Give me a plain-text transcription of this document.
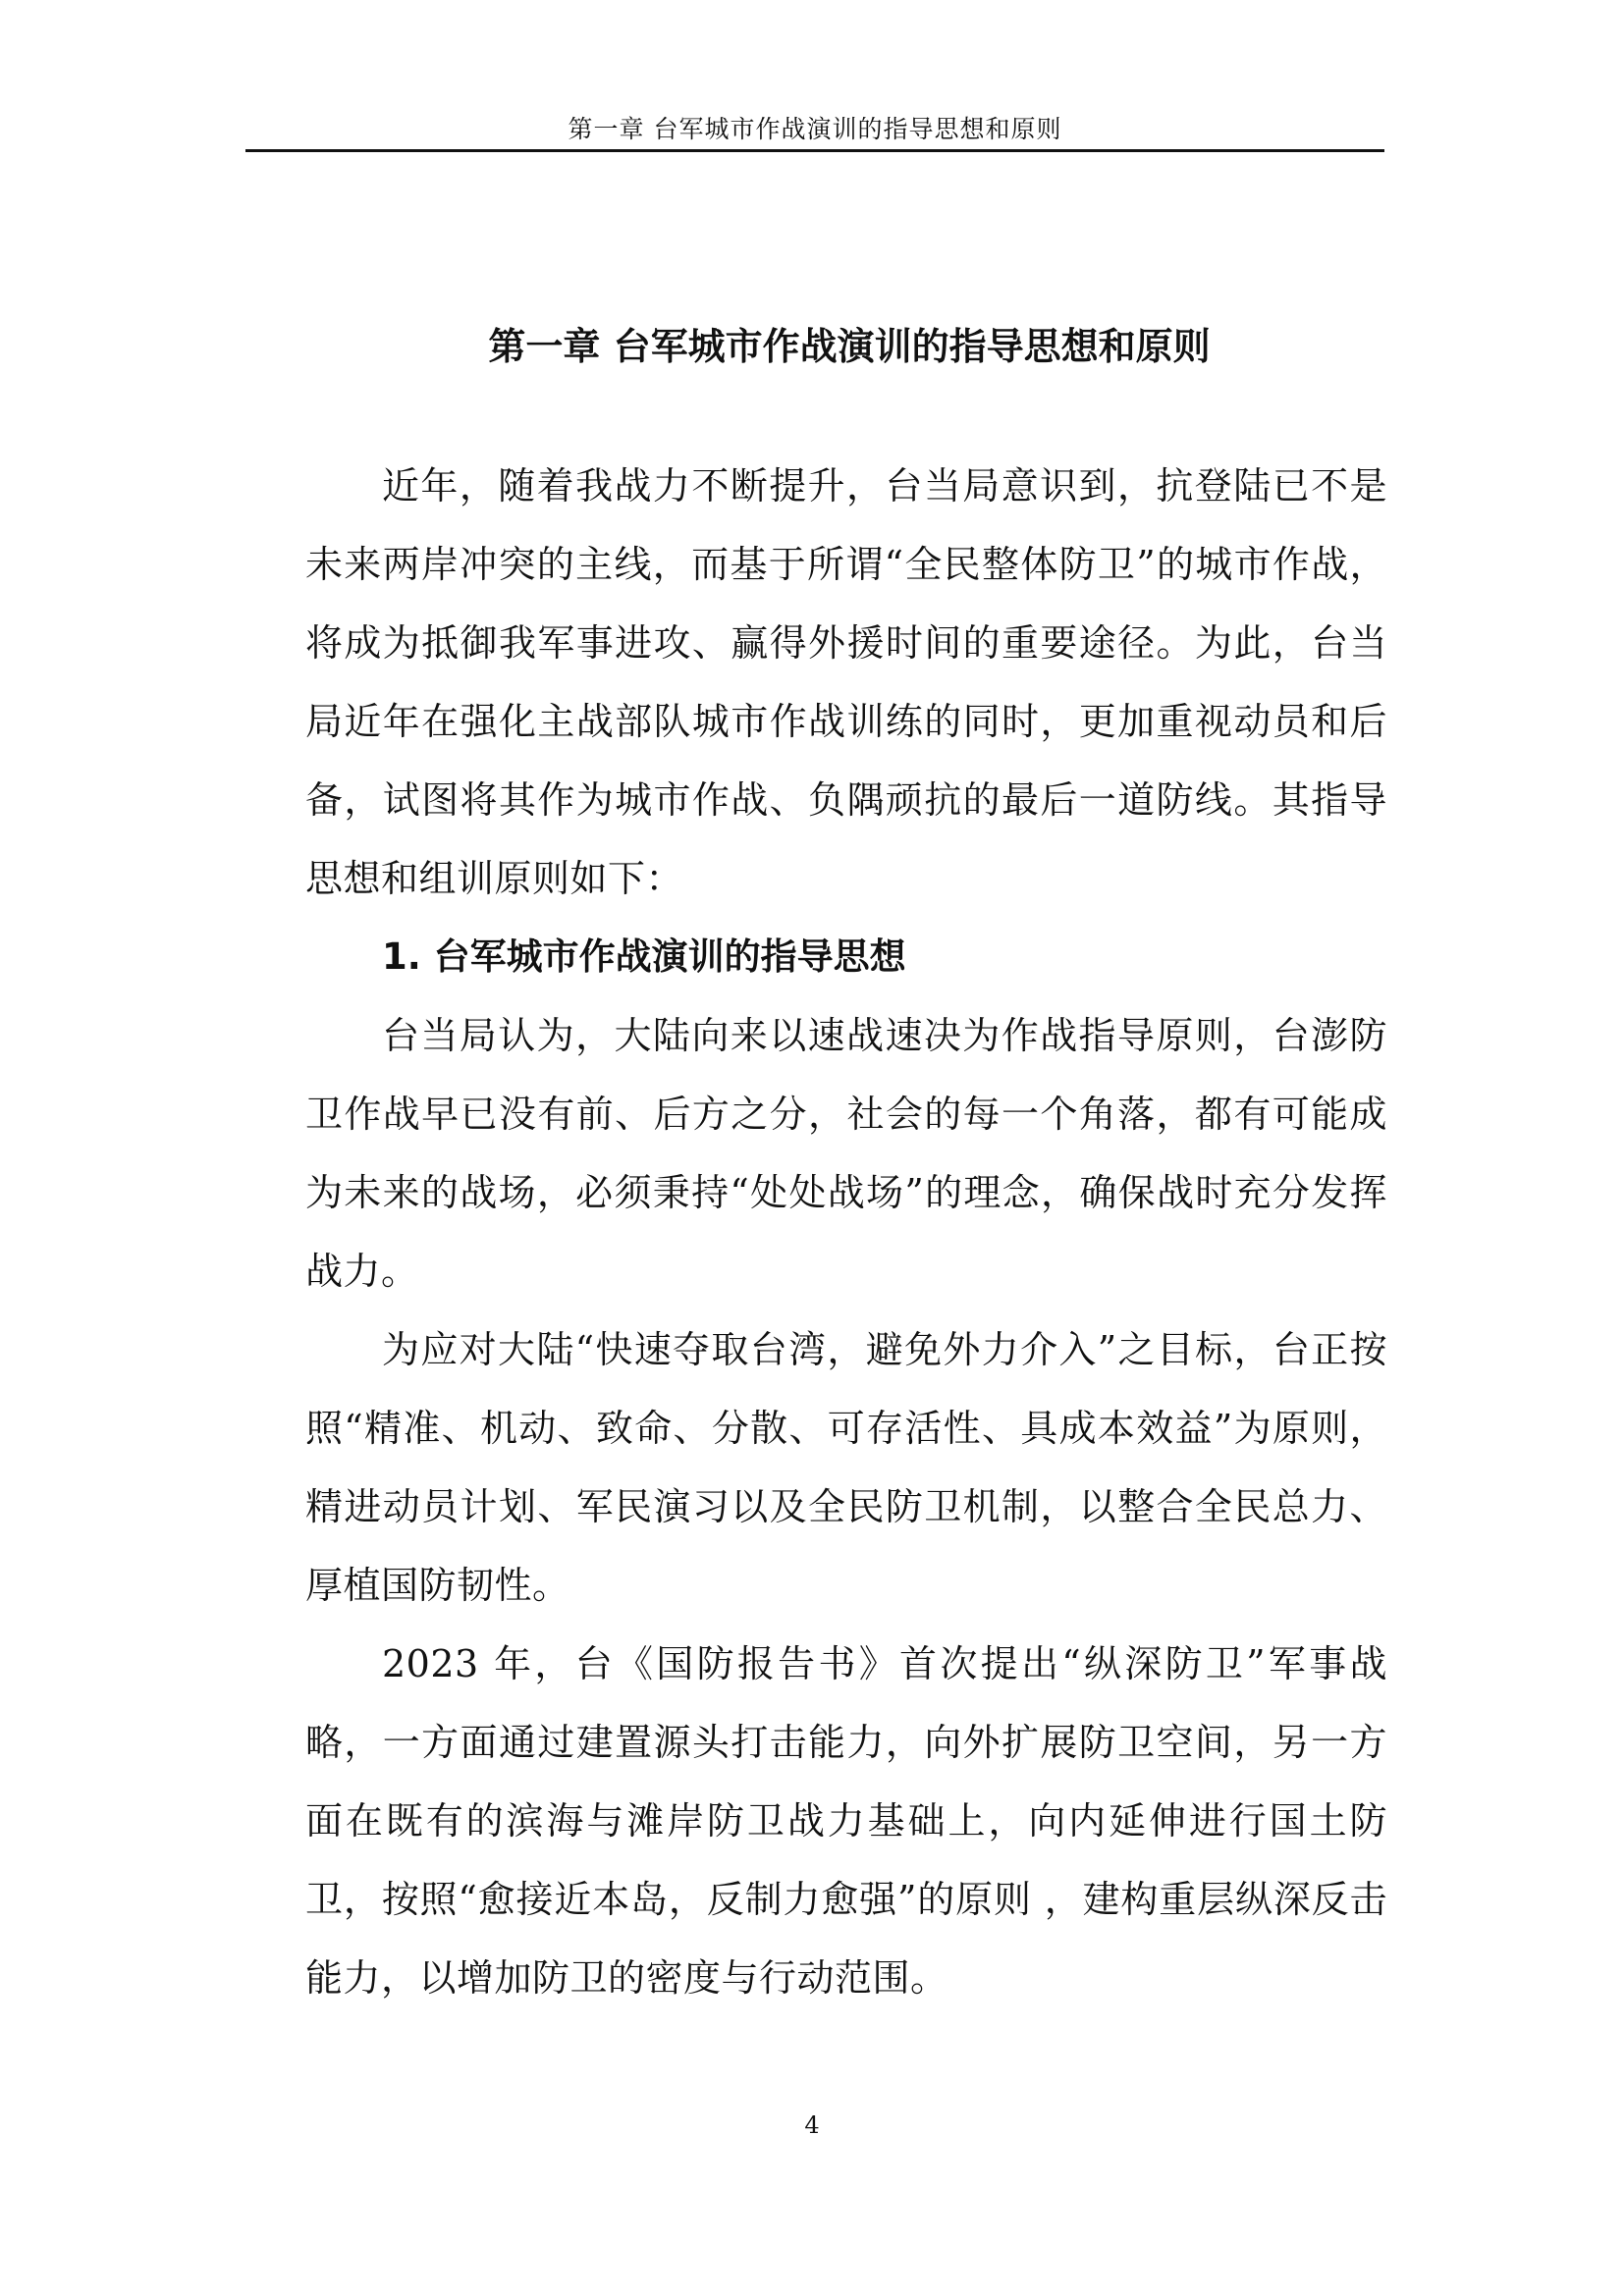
第一章 台军城市作战演训的指导思想和原则
第一章 台军城市作战演训的指导思想和原则

近年，随着我战力不断提升，台当局意识到，抗登陆已不是未来两岸冲突的主线，而基于所谓“全民整体防卫”的城市作战，将成为抵御我军事进攻、赢得外援时间的重要途径。为此，台当局近年在强化主战部队城市作战训练的同时，更加重视动员和后备，试图将其作为城市作战、负隅顽抗的最后一道防线。其指导思想和组训原则如下：

1. 台军城市作战演训的指导思想

台当局认为，大陆向来以速战速决为作战指导原则，台澎防卫作战早已没有前、后方之分，社会的每一个角落，都有可能成为未来的战场，必须秉持“处处战场”的理念，确保战时充分发挥战力。

为应对大陆“快速夺取台湾，避免外力介入”之目标，台正按照“精准、机动、致命、分散、可存活性、具成本效益”为原则，精进动员计划、军民演习以及全民防卫机制，以整合全民总力、厚植国防韧性。

2023 年，台《国防报告书》首次提出“纵深防卫”军事战略，一方面通过建置源头打击能力，向外扩展防卫空间，另一方面在既有的滨海与滩岸防卫战力基础上，向内延伸进行国土防卫，按照“愈接近本岛，反制力愈强”的原则 ，建构重层纵深反击能力，以增加防卫的密度与行动范围。

4
